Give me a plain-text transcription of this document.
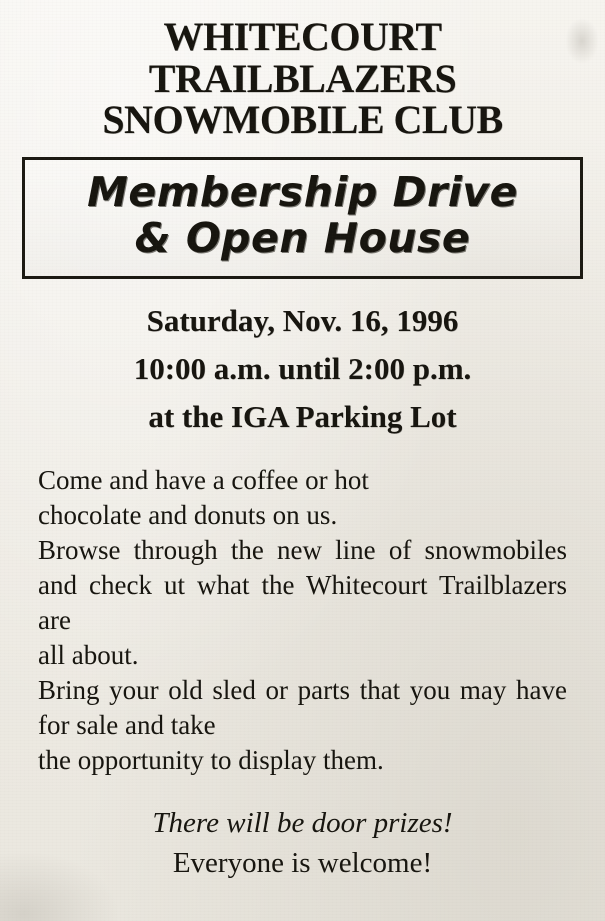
WHITECOURT TRAILBLAZERS
SNOWMOBILE CLUB
Membership Drive
& Open House
Saturday, Nov. 16, 1996
10:00 a.m. until 2:00 p.m.
at the IGA Parking Lot

Come and have a coffee or hot
chocolate and donuts on us.

Browse through the new line of snowmobiles and check ut what the Whitecourt Trailblazers are
all about.

Bring your old sled or parts that you may have for sale and take
the opportunity to display them.

There will be door prizes!
Everyone is welcome!
